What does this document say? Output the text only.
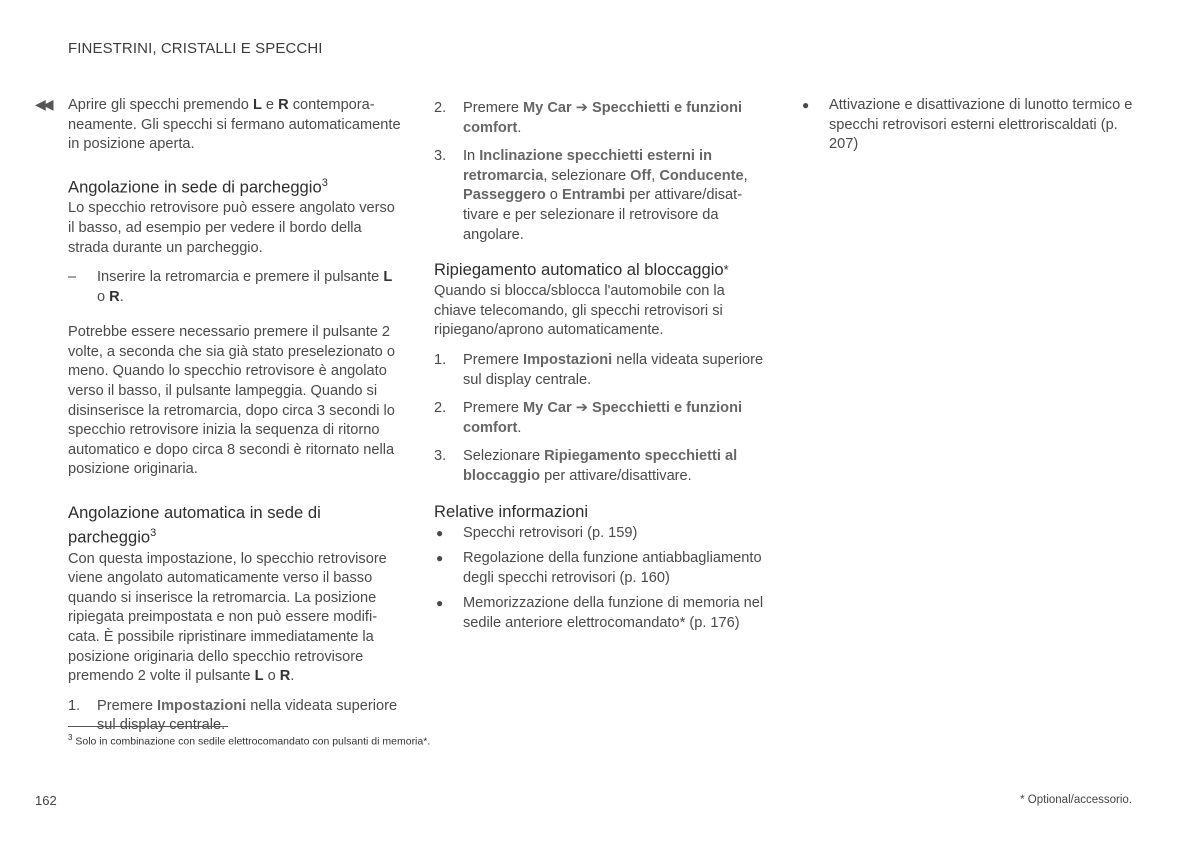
FINESTRINI, CRISTALLI E SPECCHI
◀◀ Aprire gli specchi premendo L e R contemporaneamente. Gli specchi si fermano automaticamente in posizione aperta.

Angolazione in sede di parcheggio$^3$

Lo specchio retrovisore può essere angolato verso il basso, ad esempio per vedere il bordo della strada durante un parcheggio.

– Inserire la retromarcia e premere il pulsante L o R.

Potrebbe essere necessario premere il pulsante 2 volte, a seconda che sia già stato preselezionato o meno. Quando lo specchio retrovisore è angolato verso il basso, il pulsante lampeggia. Quando si disinserisce la retromarcia, dopo circa 3 secondi lo specchio retrovisore inizia la sequenza di ritorno automatico e dopo circa 8 secondi è ritornato nella posizione originaria.

Angolazione automatica in sede di parcheggio$^3$

Con questa impostazione, lo specchio retrovisore viene angolato automaticamente verso il basso quando si inserisce la retromarcia. La posizione ripiegata preimpostata e non può essere modificata. È possibile ripristinare immediatamente la posizione originaria dello specchio retrovisore premendo 2 volte il pulsante L o R.

1. Premere Impostazioni nella videata superiore sul display centrale.
2. Premere My Car ➔ Specchietti e funzioni comfort.
3. In Inclinazione specchietti esterni in retromarcia, selezionare Off, Conducente, Passeggero o Entrambi per attivare/disattivare e per selezionare il retrovisore da angolare.
Ripiegamento automatico al bloccaggio*

Quando si blocca/sblocca l'automobile con la chiave telecomando, gli specchi retrovisori si ripiegano/aprono automaticamente.

1. Premere Impostazioni nella videata superiore sul display centrale.
2. Premere My Car ➔ Specchietti e funzioni comfort.
3. Selezionare Ripiegamento specchietti al bloccaggio per attivare/disattivare.
Relative informazioni
● Specchi retrovisori (p. 159)
● Regolazione della funzione antiabbagliamento degli specchi retrovisori (p. 160)
● Memorizzazione della funzione di memoria nel sedile anteriore elettrocomandato* (p. 176)
● Attivazione e disattivazione di lunotto termico e specchi retrovisori esterni elettroriscaldati (p. 207)
$^3$ Solo in combinazione con sedile elettrocomandato con pulsanti di memoria*.
162	* Optional/accessorio.
